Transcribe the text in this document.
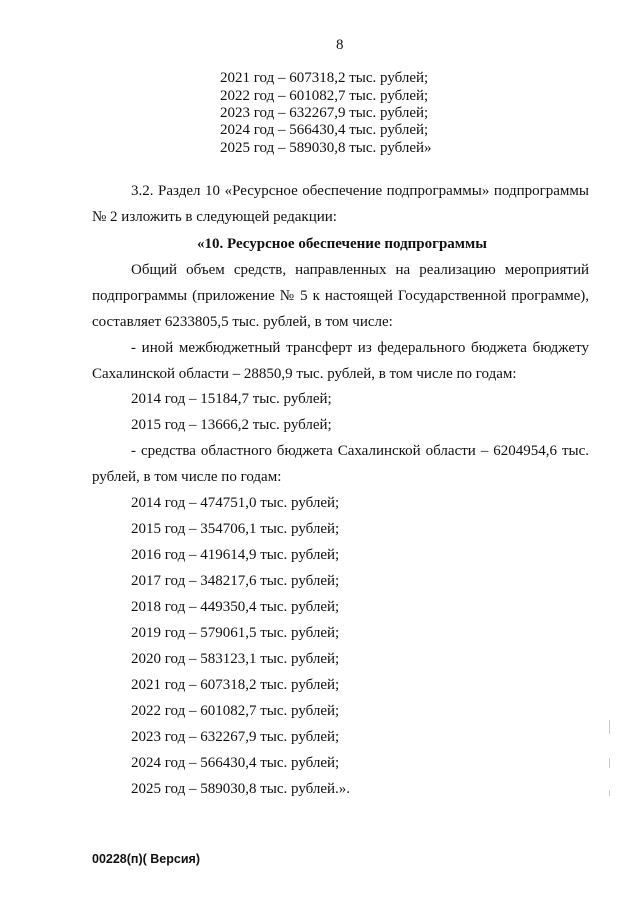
8
2021 год – 607318,2 тыс. рублей;
2022 год – 601082,7 тыс. рублей;
2023 год – 632267,9 тыс. рублей;
2024 год – 566430,4 тыс. рублей;
2025 год – 589030,8 тыс. рублей»
3.2. Раздел 10 «Ресурсное обеспечение подпрограммы» подпрограммы
№ 2 изложить в следующей редакции:
«10. Ресурсное обеспечение подпрограммы
Общий объем средств, направленных на реализацию мероприятий
подпрограммы (приложение № 5 к настоящей Государственной программе),
составляет 6233805,5 тыс. рублей, в том числе:
- иной межбюджетный трансферт из федерального бюджета бюджету
Сахалинской области – 28850,9 тыс. рублей, в том числе по годам:
2014 год – 15184,7 тыс. рублей;
2015 год – 13666,2 тыс. рублей;
- средства областного бюджета Сахалинской области – 6204954,6 тыс.
рублей, в том числе по годам:
2014 год – 474751,0 тыс. рублей;
2015 год – 354706,1 тыс. рублей;
2016 год – 419614,9 тыс. рублей;
2017 год – 348217,6 тыс. рублей;
2018 год – 449350,4 тыс. рублей;
2019 год – 579061,5 тыс. рублей;
2020 год – 583123,1 тыс. рублей;
2021 год – 607318,2 тыс. рублей;
2022 год – 601082,7 тыс. рублей;
2023 год – 632267,9 тыс. рублей;
2024 год – 566430,4 тыс. рублей;
2025 год – 589030,8 тыс. рублей.».
00228(п)( Версия)
